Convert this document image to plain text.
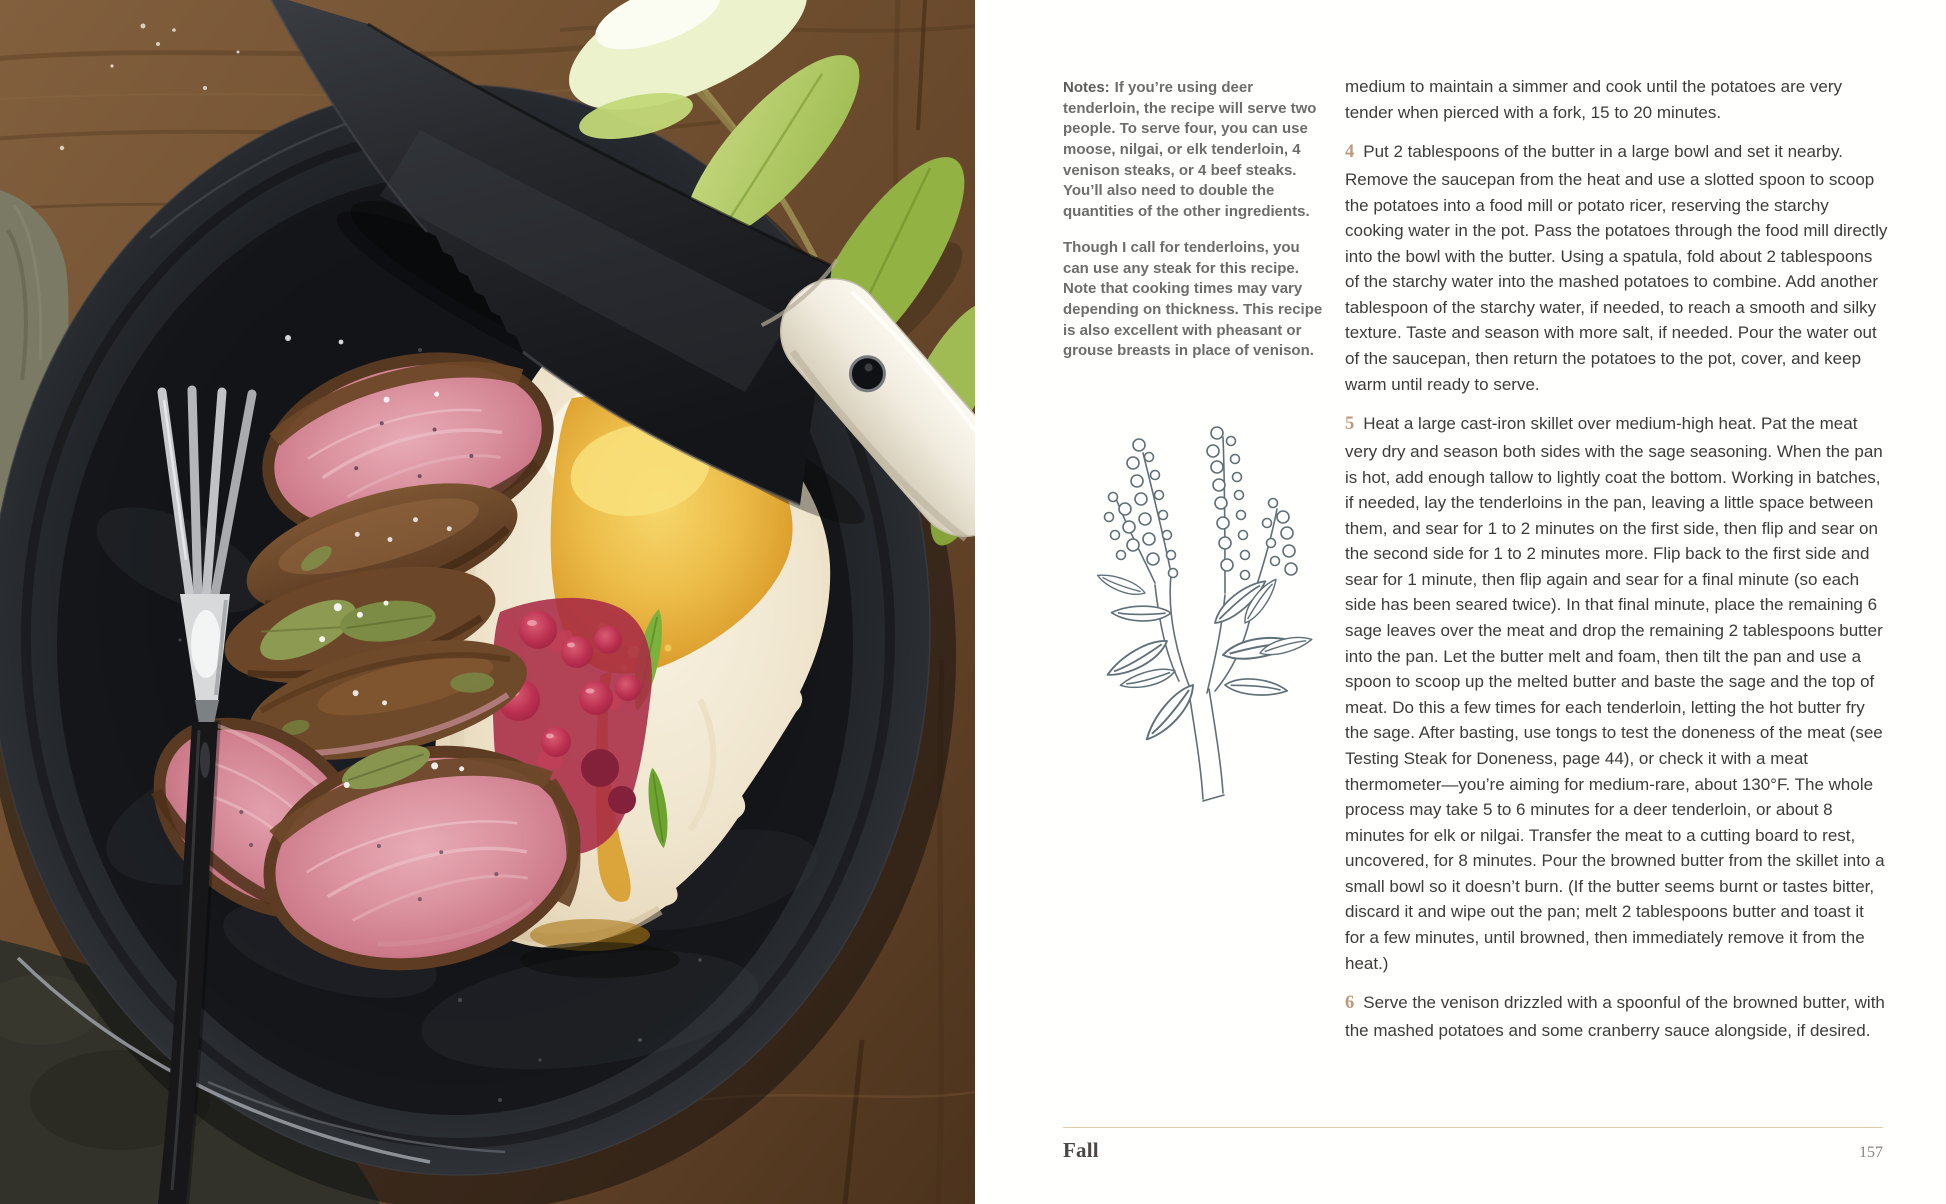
Notes: If you’re using deer tenderloin, the recipe will serve two people. To serve four, you can use moose, nilgai, or elk tenderloin, 4 venison steaks, or 4 beef steaks. You’ll also need to double the quantities of the other ingredients.

Though I call for tenderloins, you can use any steak for this recipe. Note that cooking times may vary depending on thickness. This recipe is also excellent with pheasant or grouse breasts in place of venison.

medium to maintain a simmer and cook until the potatoes are very tender when pierced with a fork, 15 to 20 minutes.

4 Put 2 tablespoons of the butter in a large bowl and set it nearby. Remove the saucepan from the heat and use a slotted spoon to scoop the potatoes into a food mill or potato ricer, reserving the starchy cooking water in the pot. Pass the potatoes through the food mill directly into the bowl with the butter. Using a spatula, fold about 2 tablespoons of the starchy water into the mashed potatoes to combine. Add another tablespoon of the starchy water, if needed, to reach a smooth and silky texture. Taste and season with more salt, if needed. Pour the water out of the saucepan, then return the potatoes to the pot, cover, and keep warm until ready to serve.

5 Heat a large cast-iron skillet over medium-high heat. Pat the meat very dry and season both sides with the sage seasoning. When the pan is hot, add enough tallow to lightly coat the bottom. Working in batches, if needed, lay the tenderloins in the pan, leaving a little space between them, and sear for 1 to 2 minutes on the first side, then flip and sear on the second side for 1 to 2 minutes more. Flip back to the first side and sear for 1 minute, then flip again and sear for a final minute (so each side has been seared twice). In that final minute, place the remaining 6 sage leaves over the meat and drop the remaining 2 tablespoons butter into the pan. Let the butter melt and foam, then tilt the pan and use a spoon to scoop up the melted butter and baste the sage and the top of meat. Do this a few times for each tenderloin, letting the hot butter fry the sage. After basting, use tongs to test the doneness of the meat (see Testing Steak for Doneness, page 44), or check it with a meat thermometer—you’re aiming for medium-rare, about 130°F. The whole process may take 5 to 6 minutes for a deer tenderloin, or about 8 minutes for elk or nilgai. Transfer the meat to a cutting board to rest, uncovered, for 8 minutes. Pour the browned butter from the skillet into a small bowl so it doesn’t burn. (If the butter seems burnt or tastes bitter, discard it and wipe out the pan; melt 2 tablespoons butter and toast it for a few minutes, until browned, then immediately remove it from the heat.)

6 Serve the venison drizzled with a spoonful of the browned butter, with the mashed potatoes and some cranberry sauce alongside, if desired.

Fall	157
